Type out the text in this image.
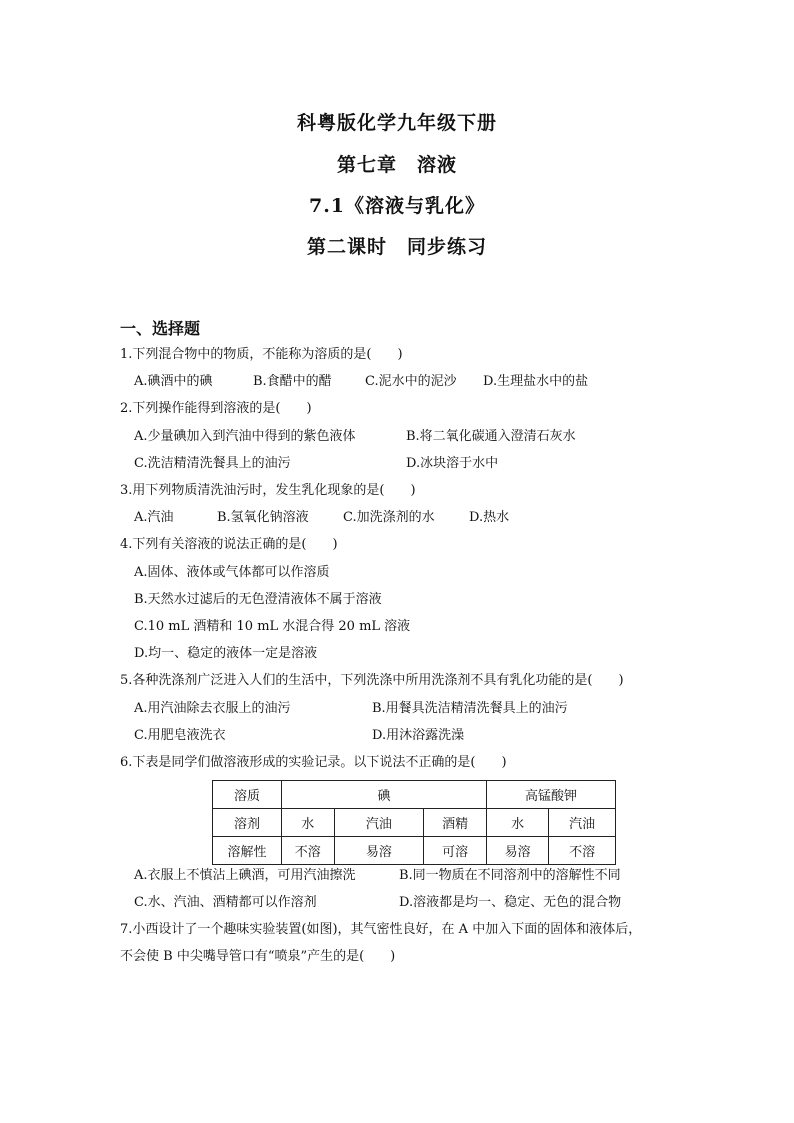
科粤版化学九年级下册
第七章　溶液
7.1《溶液与乳化》
第二课时　同步练习
一、选择题
1.下列混合物中的物质，不能称为溶质的是(　　)
A.碘酒中的碘	B.食醋中的醋	C.泥水中的泥沙 D.生理盐水中的盐
2.下列操作能得到溶液的是(　　)
A.少量碘加入到汽油中得到的紫色液体	B.将二氧化碳通入澄清石灰水
C.洗洁精清洗餐具上的油污	D.冰块溶于水中
3.用下列物质清洗油污时，发生乳化现象的是(　　)
A.汽油	B.氢氧化钠溶液	C.加洗涤剂的水	D.热水
4.下列有关溶液的说法正确的是(　　)
A.固体、液体或气体都可以作溶质
B.天然水过滤后的无色澄清液体不属于溶液
C.10 mL 酒精和 10 mL 水混合得 20 mL 溶液
D.均一、稳定的液体一定是溶液
5.各种洗涤剂广泛进入人们的生活中，下列洗涤中所用洗涤剂不具有乳化功能的是(　　)
A.用汽油除去衣服上的油污	B.用餐具洗洁精清洗餐具上的油污
C.用肥皂液洗衣	D.用沐浴露洗澡
6.下表是同学们做溶液形成的实验记录。以下说法不正确的是(　　)
溶质	碘			高锰酸钾	
溶剂	水	汽油	酒精	水	汽油
溶解性	不溶	易溶	可溶	易溶	不溶
A.衣服上不慎沾上碘酒，可用汽油擦洗	B.同一物质在不同溶剂中的溶解性不同
C.水、汽油、酒精都可以作溶剂	D.溶液都是均一、稳定、无色的混合物
7.小西设计了一个趣味实验装置(如图)，其气密性良好，在 A 中加入下面的固体和液体后，
不会使 B 中尖嘴导管口有“喷泉”产生的是(　　)
